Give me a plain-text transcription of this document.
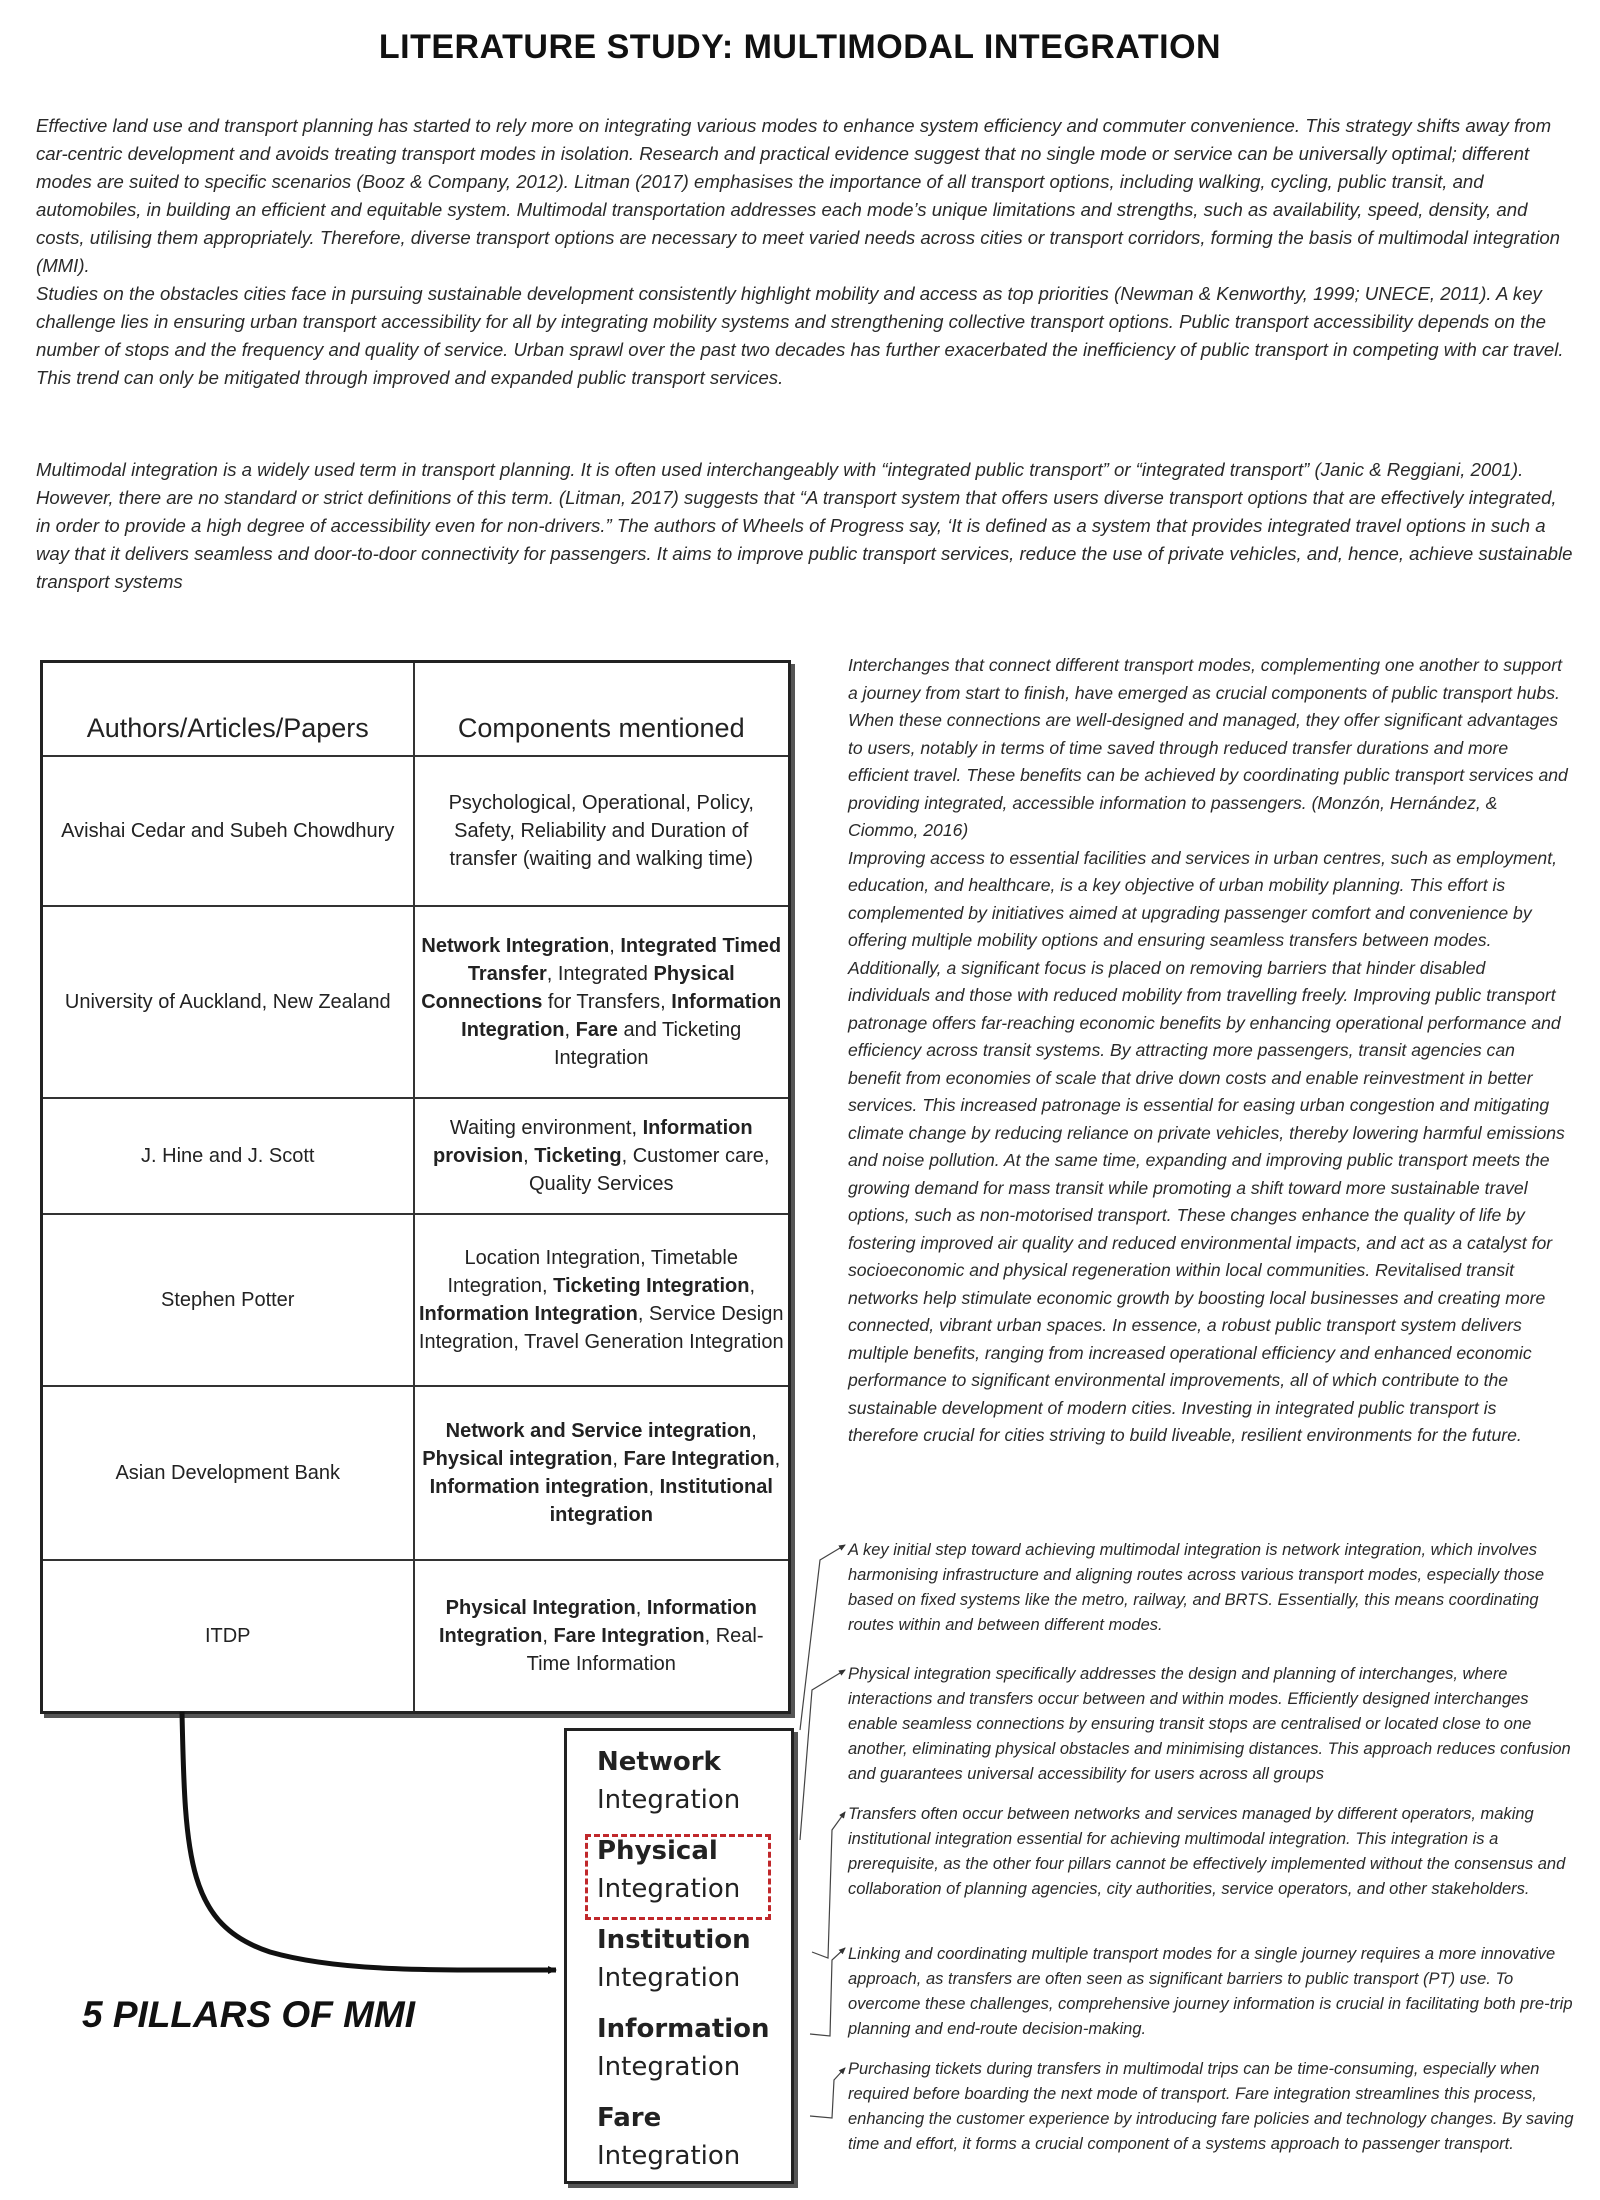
LITERATURE STUDY: MULTIMODAL INTEGRATION

Effective land use and transport planning has started to rely more on integrating various modes to enhance system efficiency and commuter convenience. This strategy shifts away from car-centric development and avoids treating transport modes in isolation. Research and practical evidence suggest that no single mode or service can be universally optimal; different modes are suited to specific scenarios (Booz & Company, 2012). Litman (2017) emphasises the importance of all transport options, including walking, cycling, public transit, and automobiles, in building an efficient and equitable system. Multimodal transportation addresses each mode’s unique limitations and strengths, such as availability, speed, density, and costs, utilising them appropriately. Therefore, diverse transport options are necessary to meet varied needs across cities or transport corridors, forming the basis of multimodal integration (MMI).
Studies on the obstacles cities face in pursuing sustainable development consistently highlight mobility and access as top priorities (Newman & Kenworthy, 1999; UNECE, 2011). A key challenge lies in ensuring urban transport accessibility for all by integrating mobility systems and strengthening collective transport options. Public transport accessibility depends on the number of stops and the frequency and quality of service. Urban sprawl over the past two decades has further exacerbated the inefficiency of public transport in competing with car travel. This trend can only be mitigated through improved and expanded public transport services.

Multimodal integration is a widely used term in transport planning. It is often used interchangeably with “integrated public transport” or “integrated transport” (Janic & Reggiani, 2001). However, there are no standard or strict definitions of this term. (Litman, 2017) suggests that “A transport system that offers users diverse transport options that are effectively integrated, in order to provide a high degree of accessibility even for non-drivers.” The authors of Wheels of Progress say, ‘It is defined as a system that provides integrated travel options in such a way that it delivers seamless and door-to-door connectivity for passengers. It aims to improve public transport services, reduce the use of private vehicles, and, hence, achieve sustainable transport systems

Authors/Articles/Papers	Components mentioned
Avishai Cedar and Subeh Chowdhury	Psychological, Operational, Policy, Safety, Reliability and Duration of transfer (waiting and walking time)
University of Auckland, New Zealand	Network Integration, Integrated Timed Transfer, Integrated Physical Connections for Transfers, Information Integration, Fare and Ticketing Integration
J. Hine and J. Scott	Waiting environment, Information provision, Ticketing, Customer care, Quality Services
Stephen Potter	Location Integration, Timetable Integration, Ticketing Integration, Information Integration, Service Design Integration, Travel Generation Integration
Asian Development Bank	Network and Service integration, Physical integration, Fare Integration, Information integration, Institutional integration
ITDP	Physical Integration, Information Integration, Fare Integration, Real-Time Information

Interchanges that connect different transport modes, complementing one another to support a journey from start to finish, have emerged as crucial components of public transport hubs. When these connections are well-designed and managed, they offer significant advantages to users, notably in terms of time saved through reduced transfer durations and more efficient travel. These benefits can be achieved by coordinating public transport services and providing integrated, accessible information to passengers. (Monzón, Hernández, & Ciommo, 2016)
Improving access to essential facilities and services in urban centres, such as employment, education, and healthcare, is a key objective of urban mobility planning. This effort is complemented by initiatives aimed at upgrading passenger comfort and convenience by offering multiple mobility options and ensuring seamless transfers between modes. Additionally, a significant focus is placed on removing barriers that hinder disabled individuals and those with reduced mobility from travelling freely. Improving public transport patronage offers far-reaching economic benefits by enhancing operational performance and efficiency across transit systems. By attracting more passengers, transit agencies can benefit from economies of scale that drive down costs and enable reinvestment in better services. This increased patronage is essential for easing urban congestion and mitigating climate change by reducing reliance on private vehicles, thereby lowering harmful emissions and noise pollution. At the same time, expanding and improving public transport meets the growing demand for mass transit while promoting a shift toward more sustainable travel options, such as non-motorised transport. These changes enhance the quality of life by fostering improved air quality and reduced environmental impacts, and act as a catalyst for socioeconomic and physical regeneration within local communities. Revitalised transit networks help stimulate economic growth by boosting local businesses and creating more connected, vibrant urban spaces. In essence, a robust public transport system delivers multiple benefits, ranging from increased operational efficiency and enhanced economic performance to significant environmental improvements, all of which contribute to the sustainable development of modern cities. Investing in integrated public transport is therefore crucial for cities striving to build liveable, resilient environments for the future.

A key initial step toward achieving multimodal integration is network integration, which involves harmonising infrastructure and aligning routes across various transport modes, especially those based on fixed systems like the metro, railway, and BRTS. Essentially, this means coordinating routes within and between different modes.

Physical integration specifically addresses the design and planning of interchanges, where interactions and transfers occur between and within modes. Efficiently designed interchanges enable seamless connections by ensuring transit stops are centralised or located close to one another, eliminating physical obstacles and minimising distances. This approach reduces confusion and guarantees universal accessibility for users across all groups

Transfers often occur between networks and services managed by different operators, making institutional integration essential for achieving multimodal integration. This integration is a prerequisite, as the other four pillars cannot be effectively implemented without the consensus and collaboration of planning agencies, city authorities, service operators, and other stakeholders.

Linking and coordinating multiple transport modes for a single journey requires a more innovative approach, as transfers are often seen as significant barriers to public transport (PT) use. To overcome these challenges, comprehensive journey information is crucial in facilitating both pre-trip planning and end-route decision-making.

Purchasing tickets during transfers in multimodal trips can be time-consuming, especially when required before boarding the next mode of transport. Fare integration streamlines this process, enhancing the customer experience by introducing fare policies and technology changes. By saving time and effort, it forms a crucial component of a systems approach to passenger transport.

Network
Integration
Physical
Integration
Institution
Integration
Information
Integration
Fare
Integration
5 PILLARS OF MMI
